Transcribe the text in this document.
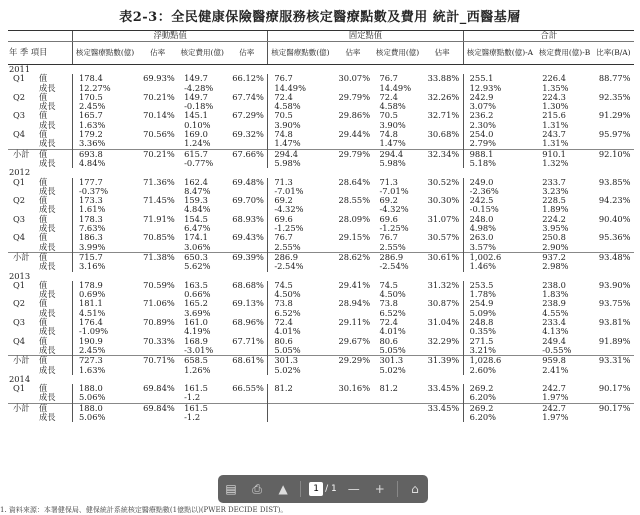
表2-3：全民健康保險醫療服務核定醫療點數及費用 統計_西醫基層
	浮動點值				固定點值				合計		
年 季 項目	核定醫療點數(億)	佔率	核定費用(億)	佔率	核定醫療點數(億)	佔率	核定費用(億)	佔率	核定醫療點數(億)-A	核定費用(億)-B	比率(B/A)
2011											
Q1 值	178.4	69.93%	149.7	66.12%	76.7	30.07%	76.7	33.88%	255.1	226.4	88.77%
成長	12.27%		-4.28%		14.49%		14.49%		12.93%	1.35%	
Q2 值	170.5	70.21%	149.7	67.74%	72.4	29.79%	72.4	32.26%	242.9	224.3	92.35%
成長	2.45%		-0.18%		4.58%		4.58%		3.07%	1.30%	
Q3 值	165.7	70.14%	145.1	67.29%	70.5	29.86%	70.5	32.71%	236.2	215.6	91.29%
成長	1.63%		0.10%		3.90%		3.90%		2.30%	1.31%	
Q4 值	179.2	70.56%	169.0	69.32%	74.8	29.44%	74.8	30.68%	254.0	243.7	95.97%
成長	3.36%		1.24%		1.47%		1.47%		2.79%	1.31%	
小計 值	693.8	70.21%	615.7	67.66%	294.4	29.79%	294.4	32.34%	988.1	910.1	92.10%
成長	4.84%		-0.77%		5.98%		5.98%		5.18%	1.32%	
2012											
Q1 值	177.7	71.36%	162.4	69.48%	71.3	28.64%	71.3	30.52%	249.0	233.7	93.85%
成長	-0.37%		8.47%		-7.01%		-7.01%		-2.36%	3.23%	
Q2 值	173.3	71.45%	159.3	69.70%	69.2	28.55%	69.2	30.30%	242.5	228.5	94.23%
成長	1.61%		4.84%		-4.32%		-4.32%		-0.15%	1.89%	
Q3 值	178.3	71.91%	154.5	68.93%	69.6	28.09%	69.6	31.07%	248.0	224.2	90.40%
成長	7.63%		6.47%		-1.25%		-1.25%		4.98%	3.95%	
Q4 值	186.3	70.85%	174.1	69.43%	76.7	29.15%	76.7	30.57%	263.0	250.8	95.36%
成長	3.99%		3.06%		2.55%		2.55%		3.57%	2.90%	
小計 值	715.7	71.38%	650.3	69.39%	286.9	28.62%	286.9	30.61%	1,002.6	937.2	93.48%
成長	3.16%		5.62%		-2.54%		-2.54%		1.46%	2.98%	
2013											
Q1 值	178.9	70.59%	163.5	68.68%	74.5	29.41%	74.5	31.32%	253.5	238.0	93.90%
成長	0.69%		0.66%		4.50%		4.50%		1.78%	1.83%	
Q2 值	181.1	71.06%	165.2	69.13%	73.8	28.94%	73.8	30.87%	254.9	238.9	93.75%
成長	4.51%		3.69%		6.52%		6.52%		5.09%	4.55%	
Q3 值	176.4	70.89%	161.0	68.96%	72.4	29.11%	72.4	31.04%	248.8	233.4	93.81%
成長	-1.09%		4.19%		4.01%		4.01%		0.35%	4.13%	
Q4 值	190.9	70.33%	168.9	67.71%	80.6	29.67%	80.6	32.29%	271.5	249.4	91.89%
成長	2.45%		-3.01%		5.05%		5.05%		3.21%	-0.55%	
小計 值	727.3	70.71%	658.5	68.61%	301.3	29.29%	301.3	31.39%	1,028.6	959.8	93.31%
成長	1.63%		1.26%		5.02%		5.02%		2.60%	2.41%	
2014											
Q1 值	188.0	69.84%	161.5	66.55%	81.2	30.16%	81.2	33.45%	269.2	242.7	90.17%
成長	5.06%		-1.2						6.20%	1.97%	
小計 值	188.0	69.84%	161.5					33.45%	269.2	242.7	90.17%
成長	5.06%		-1.2						6.20%	1.97%	
1. 資料來源：本署健保局、健保統計系統核定醫療點數(1億點以)(PWER DECIDE DIST)。
▤	⎙	▲	1 / 1 —	+	⌂
